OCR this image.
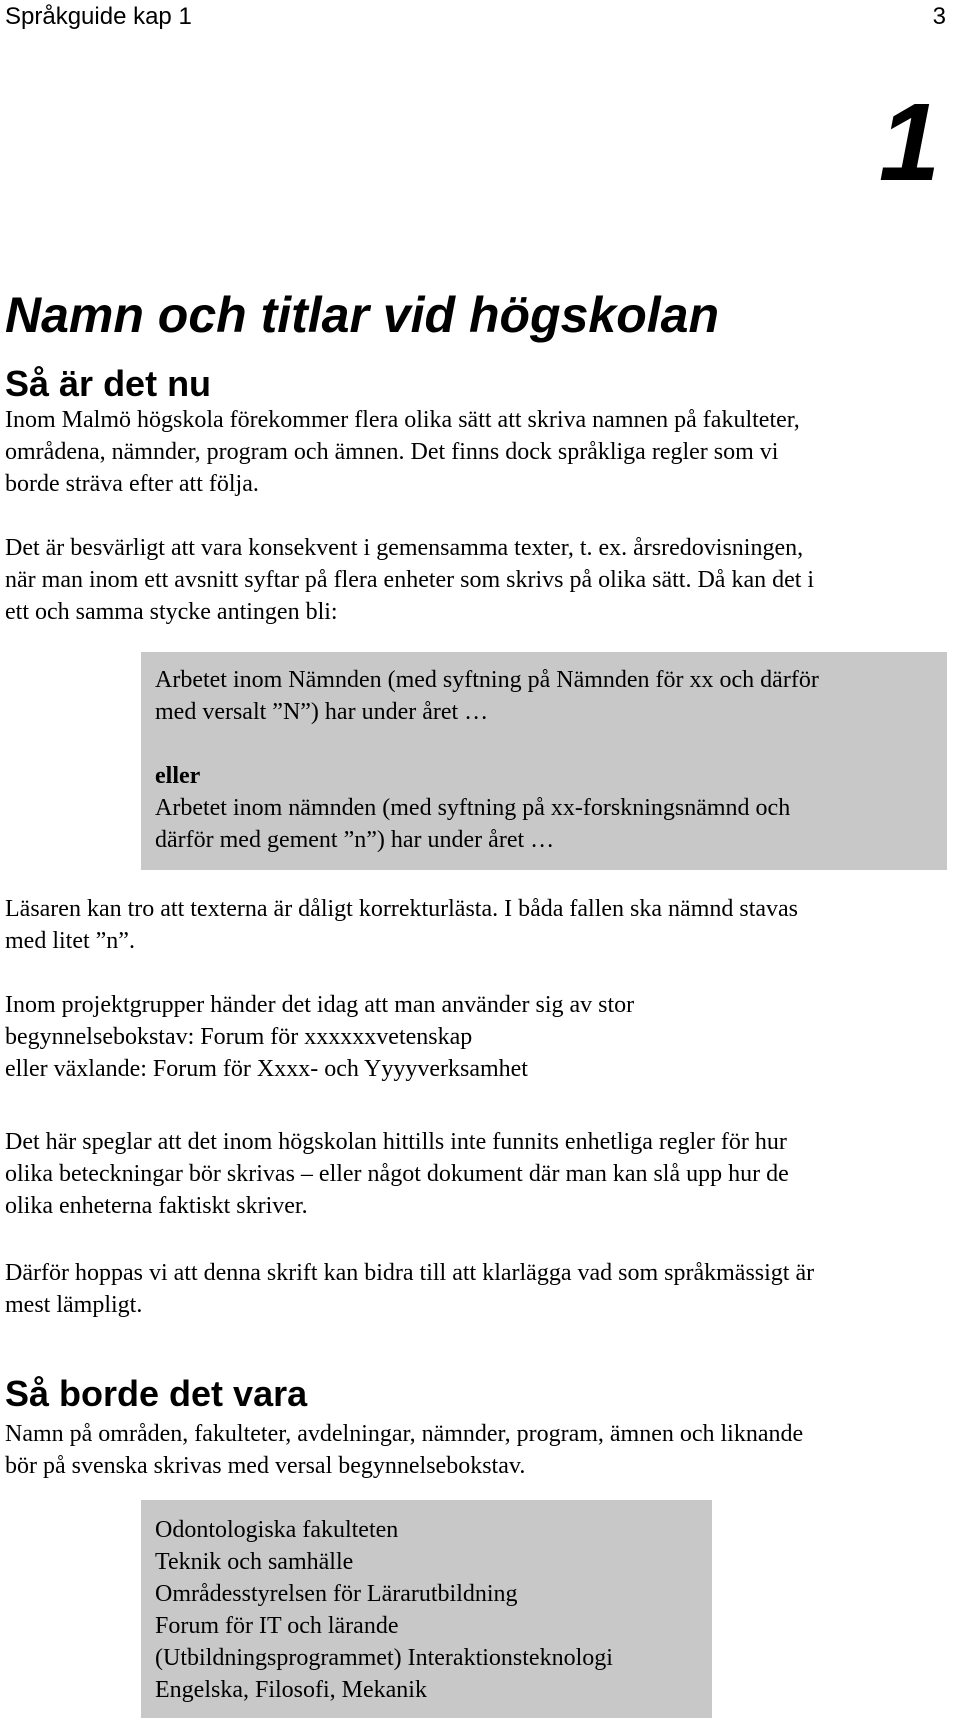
Språkguide kap 1	3
1
Namn och titlar vid högskolan
Så är det nu

Inom Malmö högskola förekommer flera olika sätt att skriva namnen på fakulteter,
områdena, nämnder, program och ämnen. Det finns dock språkliga regler som vi
borde sträva efter att följa.

Det är besvärligt att vara konsekvent i gemensamma texter, t. ex. årsredovisningen,
när man inom ett avsnitt syftar på flera enheter som skrivs på olika sätt. Då kan det i
ett och samma stycke antingen bli:

Arbetet inom Nämnden (med syftning på Nämnden för xx och därför
med versalt ”N”) har under året …
eller
Arbetet inom nämnden (med syftning på xx-forskningsnämnd och
därför med gement ”n”) har under året …

Läsaren kan tro att texterna är dåligt korrekturlästa. I båda fallen ska nämnd stavas
med litet ”n”.

Inom projektgrupper händer det idag att man använder sig av stor
begynnelsebokstav: Forum för xxxxxxvetenskap
eller växlande: Forum för Xxxx- och Yyyyverksamhet

Det här speglar att det inom högskolan hittills inte funnits enhetliga regler för hur
olika beteckningar bör skrivas – eller något dokument där man kan slå upp hur de
olika enheterna faktiskt skriver.

Därför hoppas vi att denna skrift kan bidra till att klarlägga vad som språkmässigt är
mest lämpligt.

Så borde det vara

Namn på områden, fakulteter, avdelningar, nämnder, program, ämnen och liknande
bör på svenska skrivas med versal begynnelsebokstav.

Odontologiska fakulteten
Teknik och samhälle
Områdesstyrelsen för Lärarutbildning
Forum för IT och lärande
(Utbildningsprogrammet) Interaktionsteknologi
Engelska, Filosofi, Mekanik
